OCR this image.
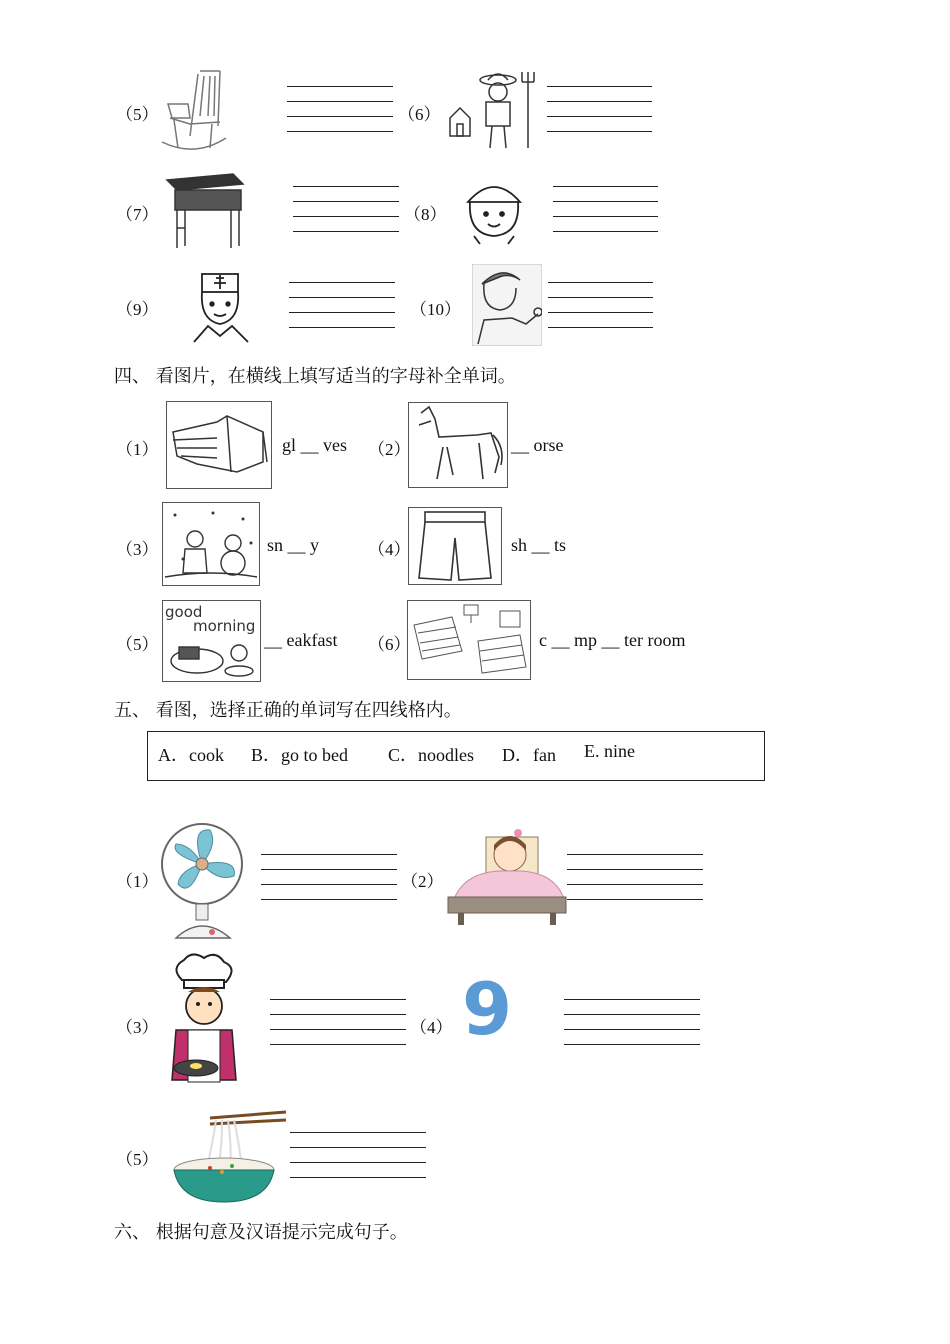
（5）	（6）
（7）	（8）
（9）	（10）
四、 看图片，在横线上填写适当的字母补全单词。
（1）	gl __ ves （2）	__ orse
（3）	sn __ y	（4）	sh __ ts
（5）
good
morning
__ eakfast （6）	c __ mp __ ter room
五、 看图，选择正确的单词写在四线格内。
A．cook B．go to bed C．noodles D．fan E. nine
（1）	（2）
（3）	（4） 9
（5）
六、 根据句意及汉语提示完成句子。
